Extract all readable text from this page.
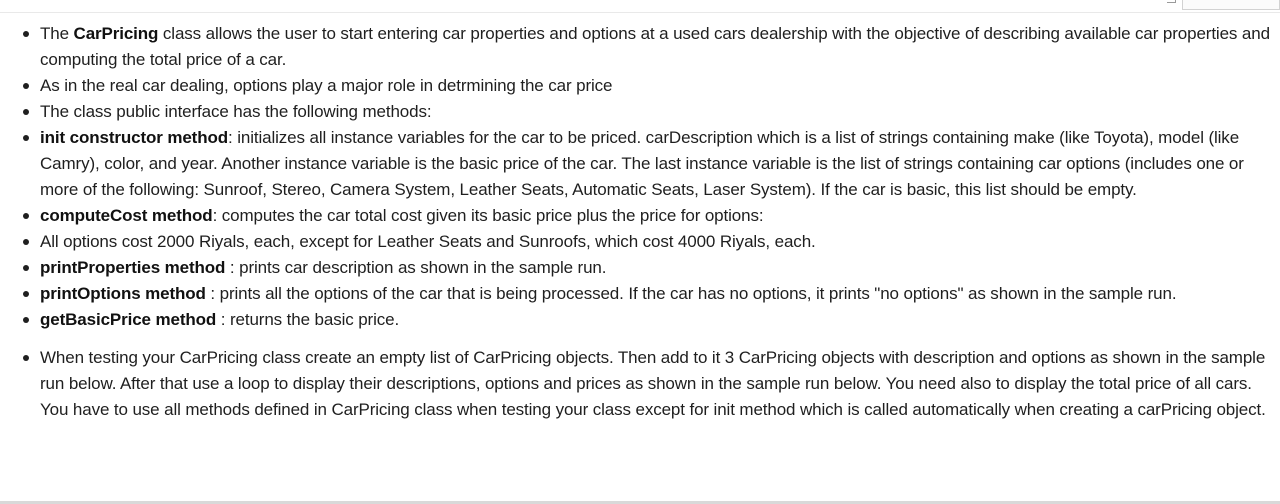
The CarPricing class allows the user to start entering car properties and options at a used cars dealership with the objective of describing available car properties and computing the total price of a car.
As in the real car dealing, options play a major role in detrmining the car price
The class public interface has the following methods:
init constructor method: initializes all instance variables for the car to be priced. carDescription which is a list of strings containing make (like Toyota), model (like Camry), color, and year. Another instance variable is the basic price of the car. The last instance variable is the list of strings containing car options (includes one or more of the following: Sunroof, Stereo, Camera System, Leather Seats, Automatic Seats, Laser System). If the car is basic, this list should be empty.
computeCost method: computes the car total cost given its basic price plus the price for options:
All options cost 2000 Riyals, each, except for Leather Seats and Sunroofs, which cost 4000 Riyals, each.
printProperties method : prints car description as shown in the sample run.
printOptions method : prints all the options of the car that is being processed. If the car has no options, it prints "no options" as shown in the sample run.
getBasicPrice method : returns the basic price.
When testing your CarPricing class create an empty list of CarPricing objects. Then add to it 3 CarPricing objects with description and options as shown in the sample run below. After that use a loop to display their descriptions, options and prices as shown in the sample run below. You need also to display the total price of all cars. You have to use all methods defined in CarPricing class when testing your class except for init method which is called automatically when creating a carPricing object.
